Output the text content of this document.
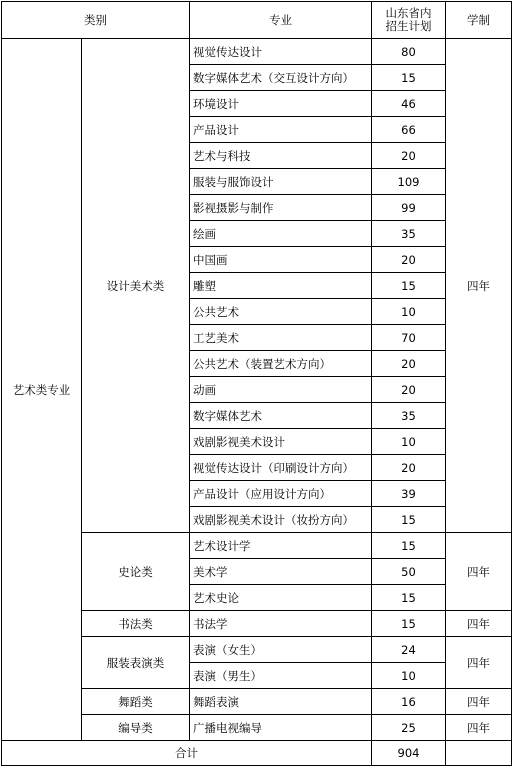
类别		专业	山东省内
招生计划	学制
艺术类专业	设计美术类	视觉传达设计	80	四年
		数字媒体艺术（交互设计方向）	15	
		环境设计	46	
		产品设计	66	
		艺术与科技	20	
		服装与服饰设计	109	
		影视摄影与制作	99	
		绘画	35	
		中国画	20	
		雕塑	15	
		公共艺术	10	
		工艺美术	70	
		公共艺术（装置艺术方向）	20	
		动画	20	
		数字媒体艺术	35	
		戏剧影视美术设计	10	
		视觉传达设计（印刷设计方向）	20	
		产品设计（应用设计方向）	39	
		戏剧影视美术设计（妆扮方向）	15	
	史论类	艺术设计学	15	四年
		美术学	50	
		艺术史论	15	
	书法类	书法学	15	四年
	服装表演类	表演（女生）	24	四年
		表演（男生）	10	
	舞蹈类	舞蹈表演	16	四年
	编导类	广播电视编导	25	四年
合计			904	
